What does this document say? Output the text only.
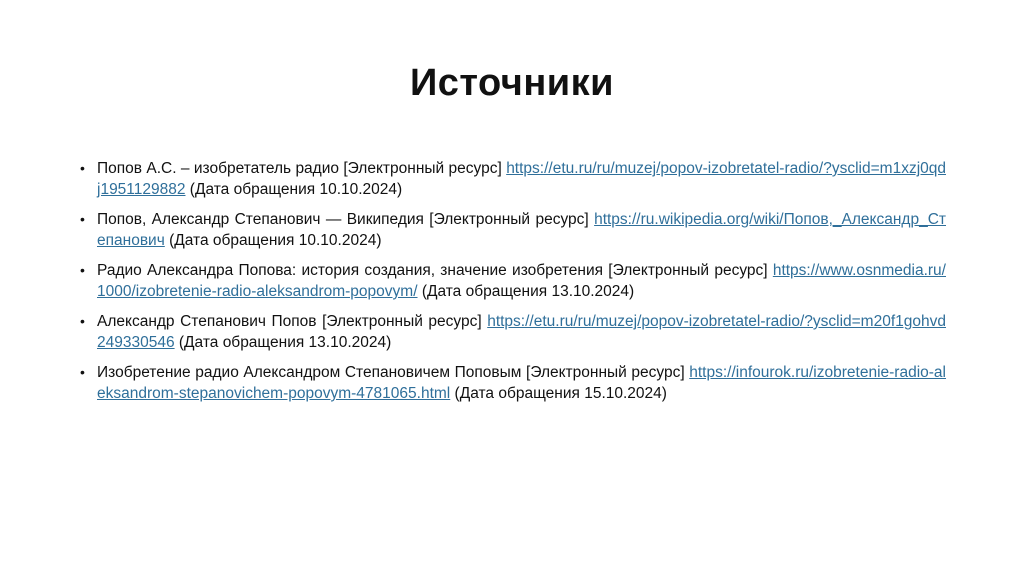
Источники
• Попов А.С. – изобретатель радио [Электронный ресурс] https://etu.ru/ru/muzej/popov-izobretatel-radio/?ysclid=m1xzj0qdj1951129882 (Дата обращения 10.10.2024)
• Попов, Александр Степанович — Википедия [Электронный ресурс] https://ru.wikipedia.org/wiki/Попов,_Александр_Степанович (Дата обращения 10.10.2024)
• Радио Александра Попова: история создания, значение изобретения [Электронный ресурс] https://www.osnmedia.ru/1000/izobretenie-radio-aleksandrom-popovym/ (Дата обращения 13.10.2024)
• Александр Степанович Попов [Электронный ресурс] https://etu.ru/ru/muzej/popov-izobretatel-radio/?ysclid=m20f1gohvd249330546 (Дата обращения 13.10.2024)
• Изобретение радио Александром Степановичем Поповым [Электронный ресурс] https://infourok.ru/izobretenie-radio-aleksandrom-stepanovichem-popovym-4781065.html (Дата обращения 15.10.2024)
